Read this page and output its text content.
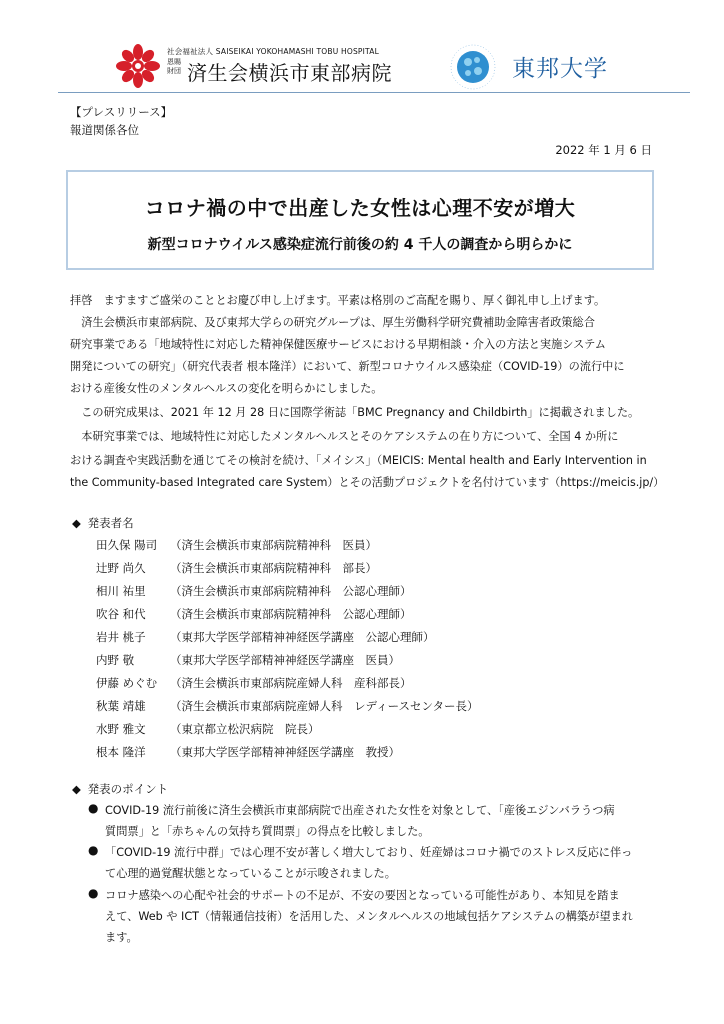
社会福祉法人 SAISEIKAI YOKOHAMASHI TOBU HOSPITAL
恩賜財団 済生会横浜市東部病院	東邦大学
【プレスリリース】
報道関係各位
2022 年 1 月 6 日
コロナ禍の中で出産した女性は心理不安が増大
新型コロナウイルス感染症流行前後の約 4 千人の調査から明らかに
拝啓　ますますご盛栄のこととお慶び申し上げます。平素は格別のご高配を賜り、厚く御礼申し上げます。
　済生会横浜市東部病院、及び東邦大学らの研究グループは、厚生労働科学研究費補助金障害者政策総合
研究事業である「地域特性に対応した精神保健医療サービスにおける早期相談・介入の方法と実施システム
開発についての研究」（研究代表者 根本隆洋）において、新型コロナウイルス感染症（COVID-19）の流行中に
おける産後女性のメンタルヘルスの変化を明らかにしました。
　この研究成果は、2021 年 12 月 28 日に国際学術誌「BMC Pregnancy and Childbirth」に掲載されました。
　本研究事業では、地域特性に対応したメンタルヘルスとそのケアシステムの在り方について、全国 4 か所に
おける調査や実践活動を通じてその検討を続け、「メイシス」（MEICIS: Mental health and Early Intervention in
the Community-based Integrated care System）とその活動プロジェクトを名付けています（https://meicis.jp/）
◆ 発表者名
田久保 陽司 （済生会横浜市東部病院精神科　医員）
辻野 尚久 （済生会横浜市東部病院精神科　部長）
相川 祐里 （済生会横浜市東部病院精神科　公認心理師）
吹谷 和代 （済生会横浜市東部病院精神科　公認心理師）
岩井 桃子 （東邦大学医学部精神神経医学講座　公認心理師）
内野 敬	（東邦大学医学部精神神経医学講座　医員）
伊藤 めぐむ （済生会横浜市東部病院産婦人科　産科部長）
秋葉 靖雄 （済生会横浜市東部病院産婦人科　レディースセンター長）
水野 雅文 （東京都立松沢病院　院長）
根本 隆洋 （東邦大学医学部精神神経医学講座　教授）
◆ 発表のポイント
● COVID-19 流行前後に済生会横浜市東部病院で出産された女性を対象として、「産後エジンバラうつ病
質問票」と「赤ちゃんの気持ち質問票」の得点を比較しました。
● 「COVID-19 流行中群」では心理不安が著しく増大しており、妊産婦はコロナ禍でのストレス反応に伴っ
て心理的過覚醒状態となっていることが示唆されました。
● コロナ感染への心配や社会的サポートの不足が、不安の要因となっている可能性があり、本知見を踏ま
えて、Web や ICT（情報通信技術）を活用した、メンタルヘルスの地域包括ケアシステムの構築が望まれ
ます。
